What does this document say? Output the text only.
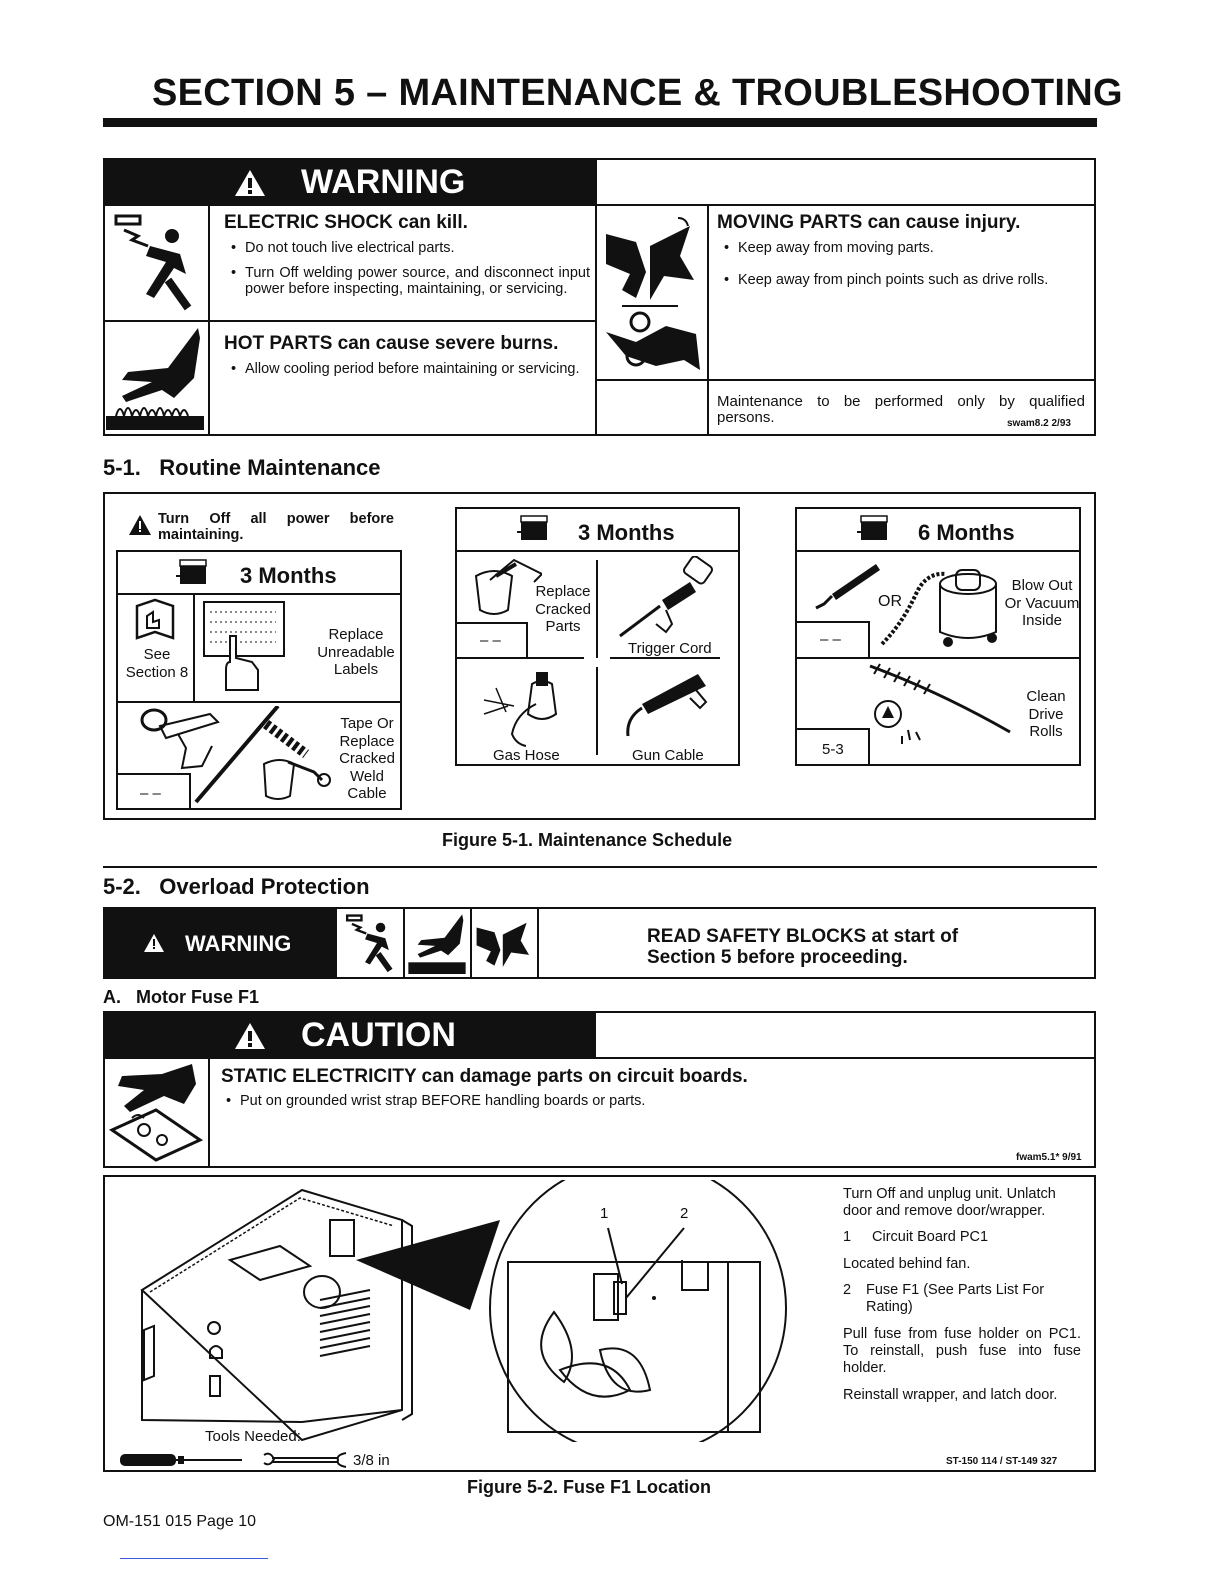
SECTION 5 – MAINTENANCE & TROUBLESHOOTING
WARNING
ELECTRIC SHOCK can kill.
• Do not touch live electrical parts.
• Turn Off welding power source, and disconnect input power before inspecting, maintaining, or servicing.
HOT PARTS can cause severe burns.
• Allow cooling period before maintaining or servicing.
MOVING PARTS can cause injury.
• Keep away from moving parts.
• Keep away from pinch points such as drive rolls.
Maintenance to be performed only by qualified persons.	swam8.2 2/93
5-1.   Routine Maintenance
Turn Off all power before maintaining.
3 Months
See Section 8
Replace Unreadable Labels
Tape Or Replace Cracked Weld Cable
– –
3 Months
Replace Cracked Parts
– –	Trigger Cord
Gas Hose	Gun Cable
6 Months
OR
Blow Out Or Vacuum Inside
– –
Clean Drive Rolls
5-3
Figure 5-1. Maintenance Schedule
5-2.   Overload Protection
WARNING	READ SAFETY BLOCKS at start of Section 5 before proceeding.
A.   Motor Fuse F1
CAUTION
STATIC ELECTRICITY can damage parts on circuit boards.
• Put on grounded wrist strap BEFORE handling boards or parts.
fwam5.1* 9/91
1	2
Tools Needed:
3/8 in
Turn Off and unplug unit. Unlatch door and remove door/wrapper.
1 Circuit Board PC1
Located behind fan.
2 Fuse F1 (See Parts List For Rating)
Pull fuse from fuse holder on PC1. To reinstall, push fuse into fuse holder.
Reinstall wrapper, and latch door.
ST-150 114 / ST-149 327
Figure 5-2. Fuse F1 Location
OM-151 015 Page 10
